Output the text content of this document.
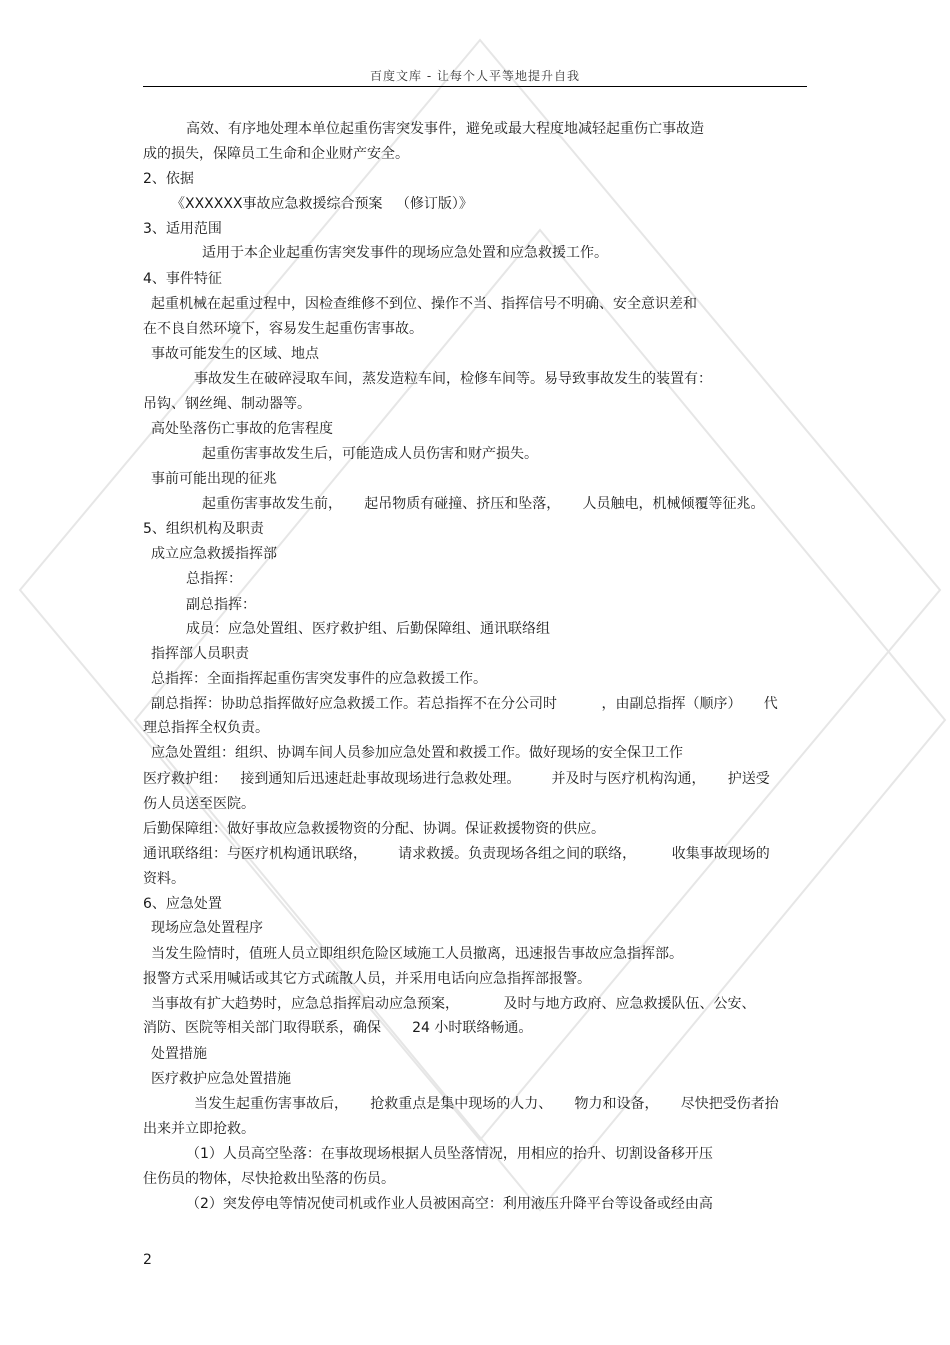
百度文库 - 让每个人平等地提升自我

高效、有序地处理本单位起重伤害突发事件，避免或最大程度地减轻起重伤亡事故造

成的损失，保障员工生命和企业财产安全。

2、依据

《XXXXXX事故应急救援综合预案   （修订版）》

3、适用范围

适用于本企业起重伤害突发事件的现场应急处置和应急救援工作。

4、事件特征

起重机械在起重过程中，因检查维修不到位、操作不当、指挥信号不明确、安全意识差和

在不良自然环境下，容易发生起重伤害事故。

事故可能发生的区域、地点

事故发生在破碎浸取车间，蒸发造粒车间，检修车间等。易导致事故发生的装置有：

吊钩、钢丝绳、制动器等。

高处坠落伤亡事故的危害程度

起重伤害事故发生后，可能造成人员伤害和财产损失。

事前可能出现的征兆

起重伤害事故发生前，     起吊物质有碰撞、挤压和坠落，     人员触电，机械倾覆等征兆。

5、组织机构及职责

成立应急救援指挥部

总指挥：

副总指挥：

成员：应急处置组、医疗救护组、后勤保障组、通讯联络组

指挥部人员职责

总指挥：全面指挥起重伤害突发事件的应急救援工作。

副总指挥：协助总指挥做好应急救援工作。若总指挥不在分公司时          ，由副总指挥（顺序）     代

理总指挥全权负责。

应急处置组：组织、协调车间人员参加应急处置和救援工作。做好现场的安全保卫工作

医疗救护组：   接到通知后迅速赶赴事故现场进行急救处理。       并及时与医疗机构沟通，     护送受

伤人员送至医院。

后勤保障组：做好事故应急救援物资的分配、协调。保证救援物资的供应。

通讯联络组：与医疗机构通讯联络，       请求救援。负责现场各组之间的联络，        收集事故现场的

资料。

6、应急处置

现场应急处置程序

当发生险情时，值班人员立即组织危险区域施工人员撤离，迅速报告事故应急指挥部。

报警方式采用喊话或其它方式疏散人员，并采用电话向应急指挥部报警。

当事故有扩大趋势时，应急总指挥启动应急预案，          及时与地方政府、应急救援队伍、公安、

消防、医院等相关部门取得联系，确保       24 小时联络畅通。

处置措施

医疗救护应急处置措施

当发生起重伤害事故后，     抢救重点是集中现场的人力、     物力和设备，     尽快把受伤者抬

出来并立即抢救。

（1）人员高空坠落：在事故现场根据人员坠落情况，用相应的抬升、切割设备移开压

住伤员的物体，尽快抢救出坠落的伤员。

（2）突发停电等情况使司机或作业人员被困高空：利用液压升降平台等设备或经由高

2
